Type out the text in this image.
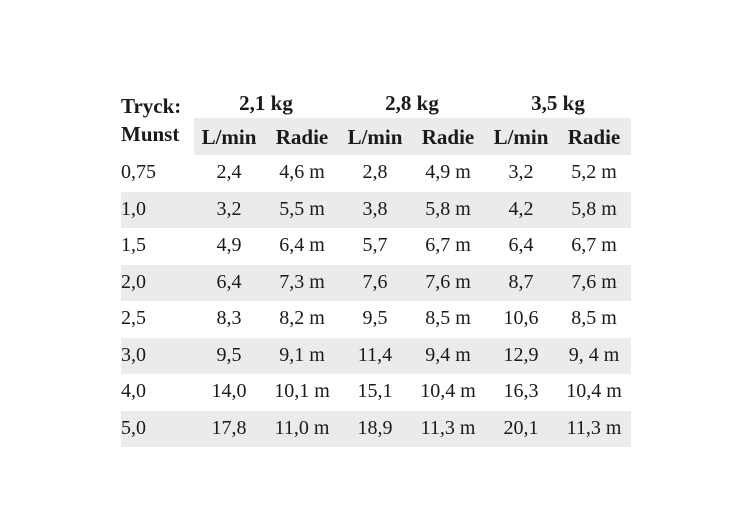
Tryck:	2,1 kg	2,8 kg	3,5 kg
Munst	L/min Radie L/min Radie L/min Radie
0,75	2,4	4,6 m	2,8	4,9 m	3,2	5,2 m
1,0	3,2	5,5 m	3,8	5,8 m	4,2	5,8 m
1,5	4,9	6,4 m	5,7	6,7 m	6,4	6,7 m
2,0	6,4	7,3 m	7,6	7,6 m	8,7	7,6 m
2,5	8,3	8,2 m	9,5	8,5 m	10,6	8,5 m
3,0	9,5	9,1 m	11,4	9,4 m	12,9	9, 4 m
4,0	14,0	10,1 m	15,1	10,4 m	16,3	10,4 m
5,0	17,8	11,0 m	18,9	11,3 m	20,1	11,3 m
